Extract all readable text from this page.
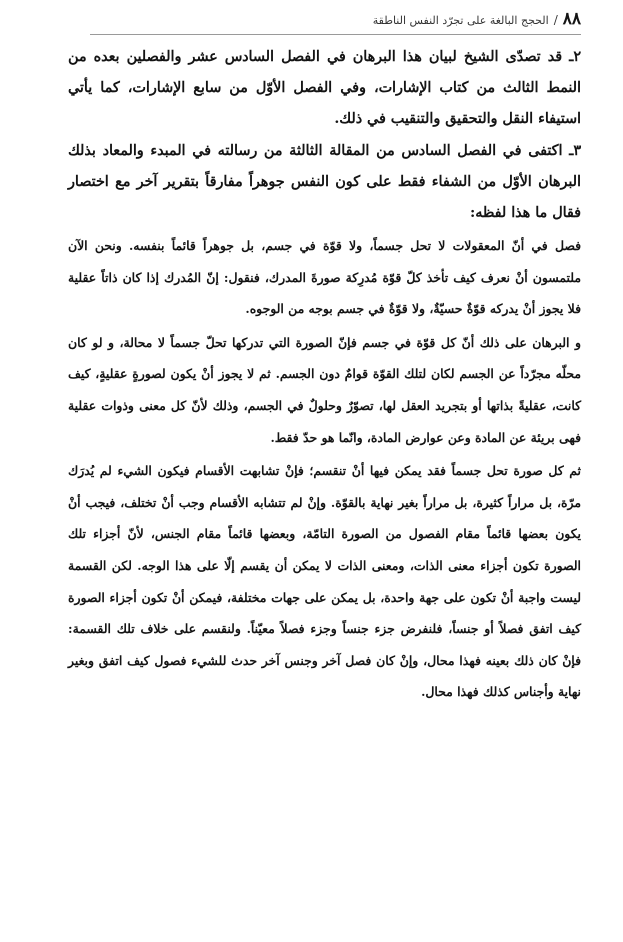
٨٨/الحجج البالغة على تجرّد النفس الناطقة

٢ـ قد تصدّى الشيخ لبيان هذا البرهان في الفصل السادس عشر والفصلين بعده من النمط الثالث من كتاب الإشارات، وفي الفصل الأوّل من سابع الإشارات، كما يأتي استيفاء النقل والتحقيق والتنقيب في ذلك.

٣ـ اكتفى في الفصل السادس من المقالة الثالثة من رسالته في المبدء والمعاد بذلك البرهان الأوّل من الشفاء فقط على كون النفس جوهراً مفارقاً بتقرير آخر مع اختصار فقال ما هذا لفظه:

فصل في أنّ المعقولات لا تحل جسماً، ولا قوّة في جسم، بل جوهراً قائماً بنفسه. ونحن الآن ملتمسون أنْ نعرف كيف تأخذ كلّ قوّة مُدرِكة صورةَ المدرك، فنقول: إنّ المُدرك إذا كان ذاتاً عقلية فلا يجوز أنْ يدركه قوّةٌ حسيّةٌ، ولا قوّةٌ في جسم بوجه من الوجوه.

و البرهان على ذلك أنّ كل قوّة في جسم فإنّ الصورة التي تدركها تحلّ جسماً لا محالة، و لو كان محلّه مجرّداً عن الجسم لكان لتلك القوّة قوامٌ دون الجسم. ثم لا يجوز أنْ يكون لصورةٍ عقليةٍ، كيف كانت، عقليةً بذاتها أو بتجريد العقل لها، تصوّرٌ وحلولٌ في الجسم، وذلك لأنّ كل معنى وذوات عقلية فهى بريئة عن المادة وعن عوارض المادة، وانّما هو حدّ فقط.

ثم كل صورة تحل جسماً فقد يمكن فيها أنْ تنقسم؛ فإنْ تشابهت الأقسام فيكون الشيء لم يُدرَك مرّة، بل مراراً كثيرة، بل مراراً بغير نهاية بالقوّة. وإنْ لم تتشابه الأقسام وجب أنْ تختلف، فيجب أنْ يكون بعضها قائماً مقام الفصول من الصورة التامّة، وبعضها قائماً مقام الجنس، لأنّ أجزاء تلك الصورة تكون أجزاء معنى الذات، ومعنى الذات لا يمكن أن يقسم إلّا على هذا الوجه. لكن القسمة ليست واجبة أنْ تكون على جهة واحدة، بل يمكن على جهات مختلفة، فيمكن أنْ تكون أجزاء الصورة كيف اتفق فصلاً أو جنساً، فلنفرض جزء جنساً وجزء فصلاً معيّناً. ولنقسم على خلاف تلك القسمة: فإنْ كان ذلك بعينه فهذا محال، وإنْ كان فصل آخر وجنس آخر حدث للشيء فصول كيف اتفق وبغير نهاية وأجناس كذلك فهذا محال.
